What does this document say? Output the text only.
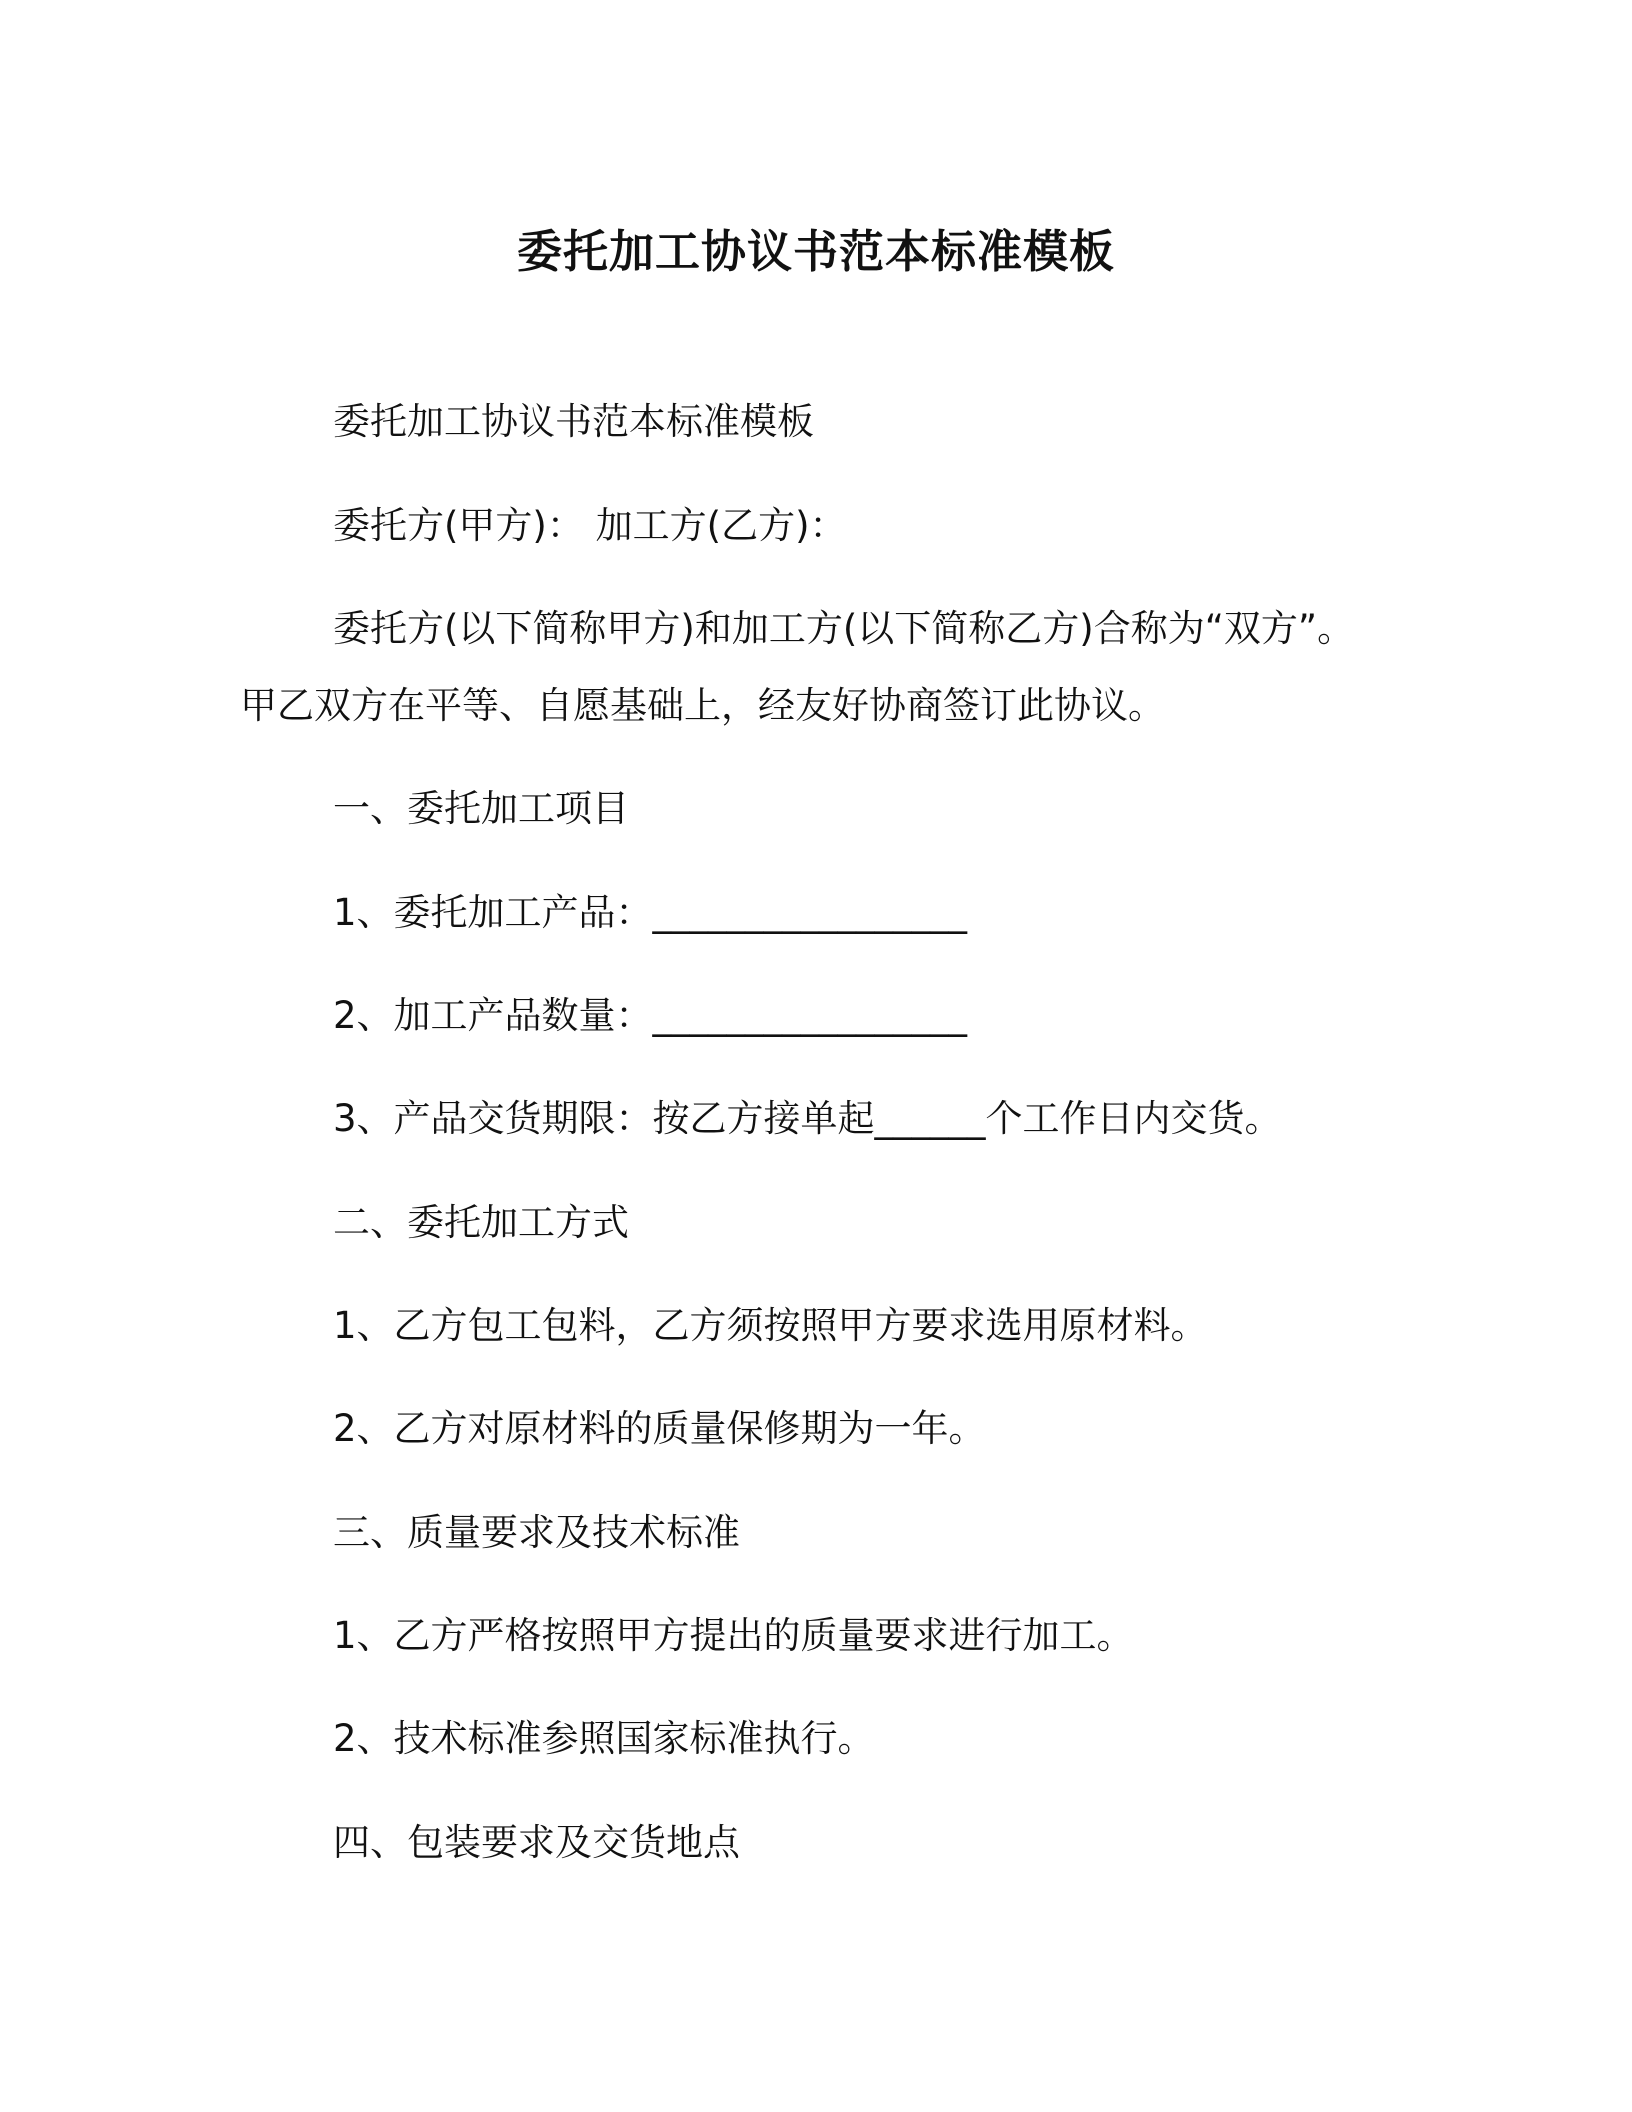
委托加工协议书范本标准模板
委托加工协议书范本标准模板
委托方(甲方)： 加工方(乙方)：
委托方(以下简称甲方)和加工方(以下简称乙方)合称为“双方”。
甲乙双方在平等、自愿基础上，经友好协商签订此协议。
一、委托加工项目
1、委托加工产品：_________________
2、加工产品数量：_________________
3、产品交货期限：按乙方接单起______个工作日内交货。
二、委托加工方式
1、乙方包工包料，乙方须按照甲方要求选用原材料。
2、乙方对原材料的质量保修期为一年。
三、质量要求及技术标准
1、乙方严格按照甲方提出的质量要求进行加工。
2、技术标准参照国家标准执行。
四、包装要求及交货地点
